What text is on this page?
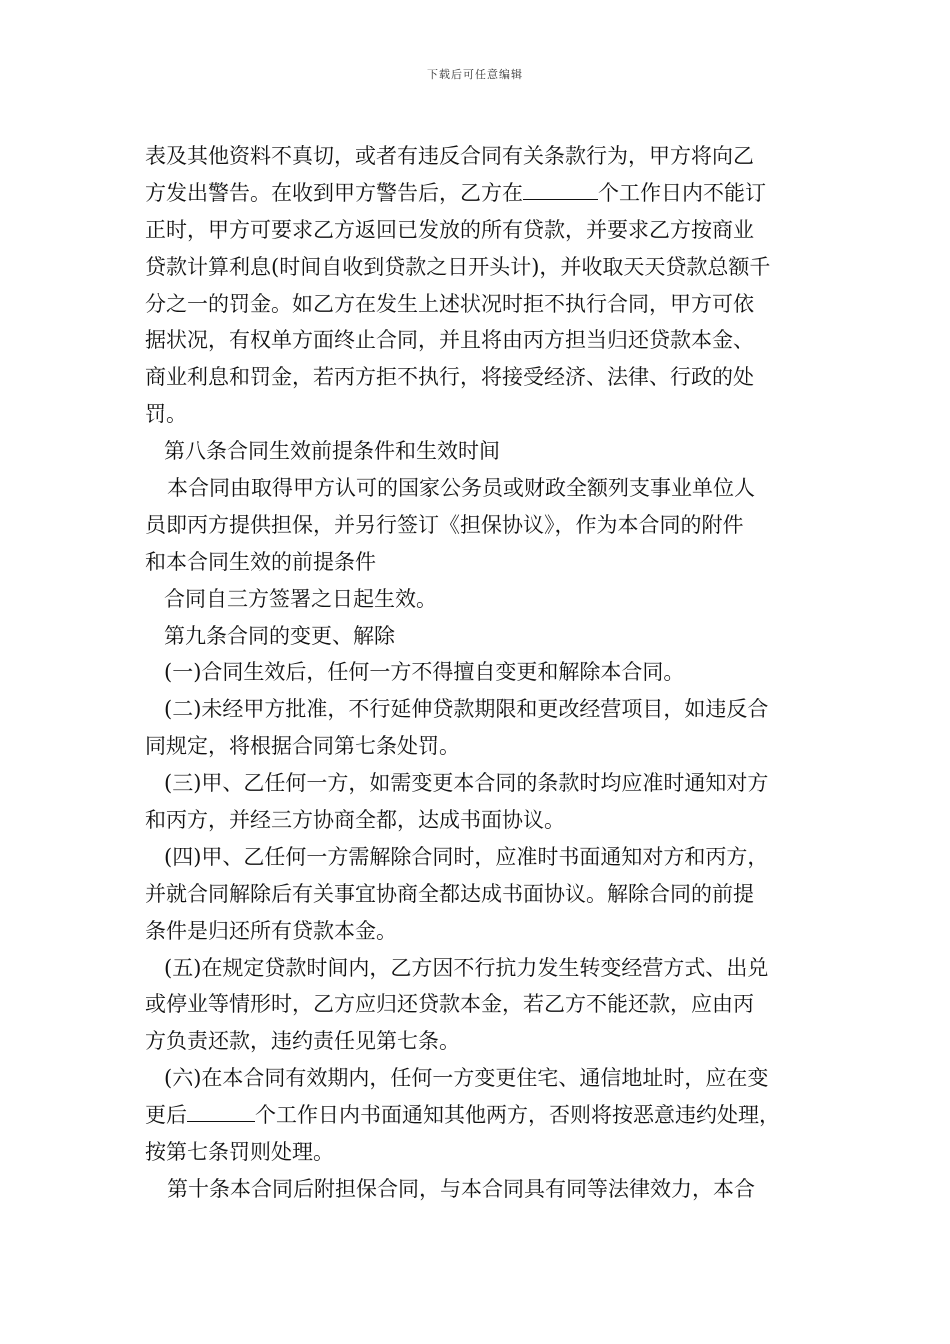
下载后可任意编辑
表及其他资料不真切，或者有违反合同有关条款行为，甲方将向乙
方发出警告。在收到甲方警告后，乙方在	个工作日内不能订
正时，甲方可要求乙方返回已发放的所有贷款，并要求乙方按商业
贷款计算利息(时间自收到贷款之日开头计)，并收取天天贷款总额千
分之一的罚金。如乙方在发生上述状况时拒不执行合同，甲方可依
据状况，有权单方面终止合同，并且将由丙方担当归还贷款本金、
商业利息和罚金，若丙方拒不执行，将接受经济、法律、行政的处
罚。
第八条合同生效前提条件和生效时间
本合同由取得甲方认可的国家公务员或财政全额列支事业单位人
员即丙方提供担保，并另行签订《担保协议》，作为本合同的附件
和本合同生效的前提条件
合同自三方签署之日起生效。
第九条合同的变更、解除
(一)合同生效后，任何一方不得擅自变更和解除本合同。
(二)未经甲方批准，不行延伸贷款期限和更改经营项目，如违反合
同规定，将根据合同第七条处罚。
(三)甲、乙任何一方，如需变更本合同的条款时均应准时通知对方
和丙方，并经三方协商全都，达成书面协议。
(四)甲、乙任何一方需解除合同时，应准时书面通知对方和丙方，
并就合同解除后有关事宜协商全都达成书面协议。解除合同的前提
条件是归还所有贷款本金。
(五)在规定贷款时间内，乙方因不行抗力发生转变经营方式、出兑
或停业等情形时，乙方应归还贷款本金，若乙方不能还款，应由丙
方负责还款，违约责任见第七条。
(六)在本合同有效期内，任何一方变更住宅、通信地址时，应在变
更后	个工作日内书面通知其他两方，否则将按恶意违约处理，
按第七条罚则处理。
第十条本合同后附担保合同，与本合同具有同等法律效力，本合
